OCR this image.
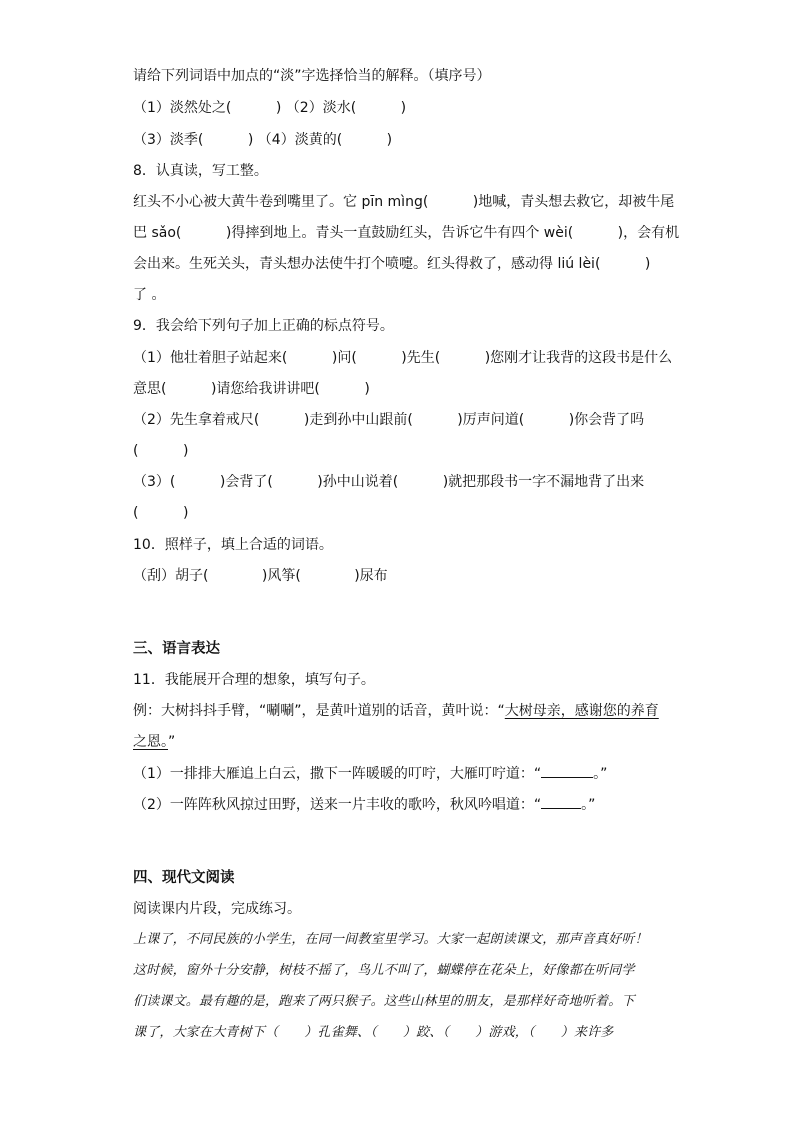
请给下列词语中加点的“淡”字选择恰当的解释。（填序号）
（1）淡然处之(          ) （2）淡水(          )
（3）淡季(          ) （4）淡黄的(          )
8．认真读，写工整。
红头不小心被大黄牛卷到嘴里了。它 pīn mìng(          )地喊，青头想去救它，却被牛尾
巴 sǎo(          )得摔到地上。青头一直鼓励红头，告诉它牛有四个 wèi(          )，会有机
会出来。生死关头，青头想办法使牛打个喷嚏。红头得救了，感动得 liú lèi(          )
了 。
9．我会给下列句子加上正确的标点符号。
（1）他壮着胆子站起来(          )问(          )先生(          )您刚才让我背的这段书是什么
意思(          )请您给我讲讲吧(          )
（2）先生拿着戒尺(          )走到孙中山跟前(          )厉声问道(          )你会背了吗
(          )
（3）(          )会背了(          )孙中山说着(          )就把那段书一字不漏地背了出来
(          )
10．照样子，填上合适的词语。
（刮）胡子(            )风筝(            )尿布
三、语言表达
11．我能展开合理的想象，填写句子。
例：大树抖抖手臂，“唰唰”，是黄叶道别的话音，黄叶说：“大树母亲，感谢您的养育
之恩。”
（1）一排排大雁追上白云，撒下一阵暖暖的叮咛，大雁叮咛道：“	。”
（2）一阵阵秋风掠过田野，送来一片丰收的歌吟，秋风吟唱道：“	。”
四、现代文阅读
阅读课内片段，完成练习。
上课了，不同民族的小学生，在同一间教室里学习。大家一起朗读课文，那声音真好听！
这时候，窗外十分安静，树枝不摇了，鸟儿不叫了，蝴蝶停在花朵上，好像都在听同学
们读课文。最有趣的是，跑来了两只猴子。这些山林里的朋友，是那样好奇地听着。下
课了，大家在大青树下（      ）孔雀舞、（      ）跤、（      ）游戏，（      ）来许多
